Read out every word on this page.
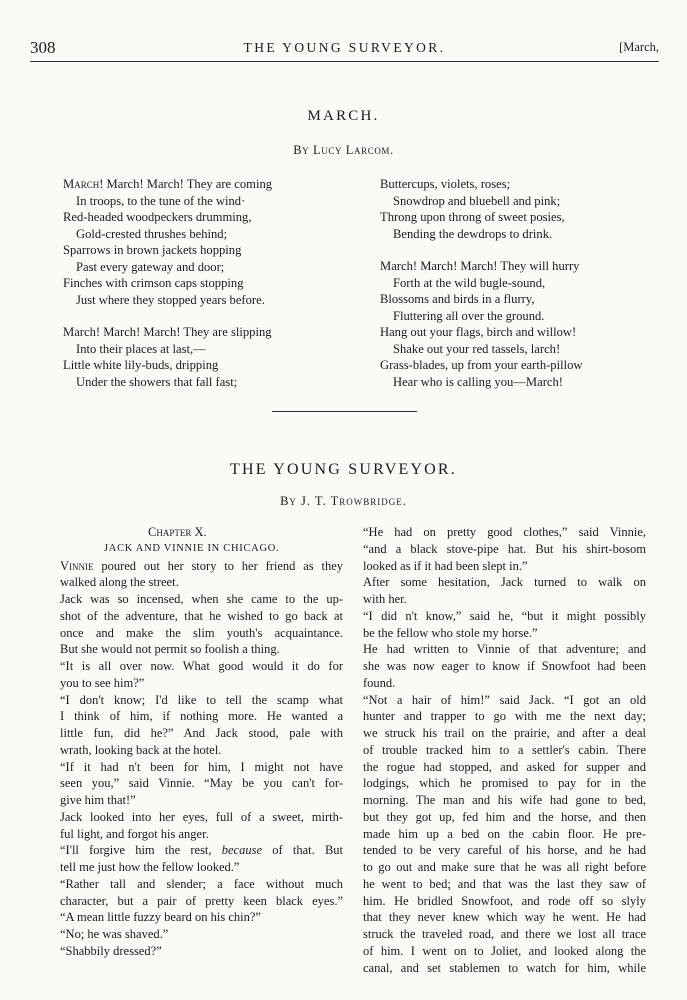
308	THE YOUNG SURVEYOR.	[March,
MARCH.
By Lucy Larcom.
March! March! March! They are coming
In troops, to the tune of the wind·
Red-headed woodpeckers drumming,
Gold-crested thrushes behind;
Sparrows in brown jackets hopping
Past every gateway and door;
Finches with crimson caps stopping
Just where they stopped years before.
March! March! March! They are slipping
Into their places at last,—
Little white lily-buds, dripping
Under the showers that fall fast;
Buttercups, violets, roses;
Snowdrop and bluebell and pink;
Throng upon throng of sweet posies,
Bending the dewdrops to drink.
March! March! March! They will hurry
Forth at the wild bugle-sound,
Blossoms and birds in a flurry,
Fluttering all over the ground.
Hang out your flags, birch and willow!
Shake out your red tassels, larch!
Grass-blades, up from your earth-pillow
Hear who is calling you—March!
THE YOUNG SURVEYOR.
By J. T. Trowbridge.
Chapter X.
JACK AND VINNIE IN CHICAGO.
Vinnie poured out her story to her friend as they
walked along the street.
Jack was so incensed, when she came to the up-
shot of the adventure, that he wished to go back at
once and make the slim youth's acquaintance.
But she would not permit so foolish a thing.
“It is all over now. What good would it do for
you to see him?”
“I don't know; I'd like to tell the scamp what
I think of him, if nothing more. He wanted a
little fun, did he?” And Jack stood, pale with
wrath, looking back at the hotel.
“If it had n't been for him, I might not have
seen you,” said Vinnie. “May be you can't for-
give him that!”
Jack looked into her eyes, full of a sweet, mirth-
ful light, and forgot his anger.
“I'll forgive him the rest, because of that. But
tell me just how the fellow looked.”
“Rather tall and slender; a face without much
character, but a pair of pretty keen black eyes.”
“A mean little fuzzy beard on his chin?”
“No; he was shaved.”
“Shabbily dressed?”
“He had on pretty good clothes,” said Vinnie,
“and a black stove-pipe hat. But his shirt-bosom
looked as if it had been slept in.”
After some hesitation, Jack turned to walk on
with her.
“I did n't know,” said he, “but it might possibly
be the fellow who stole my horse.”
He had written to Vinnie of that adventure; and
she was now eager to know if Snowfoot had been
found.
“Not a hair of him!” said Jack. “I got an old
hunter and trapper to go with me the next day;
we struck his trail on the prairie, and after a deal
of trouble tracked him to a settler's cabin. There
the rogue had stopped, and asked for supper and
lodgings, which he promised to pay for in the
morning. The man and his wife had gone to bed,
but they got up, fed him and the horse, and then
made him up a bed on the cabin floor. He pre-
tended to be very careful of his horse, and he had
to go out and make sure that he was all right before
he went to bed; and that was the last they saw of
him. He bridled Snowfoot, and rode off so slyly
that they never knew which way he went. He had
struck the traveled road, and there we lost all trace
of him. I went on to Joliet, and looked along the
canal, and set stablemen to watch for him, while
